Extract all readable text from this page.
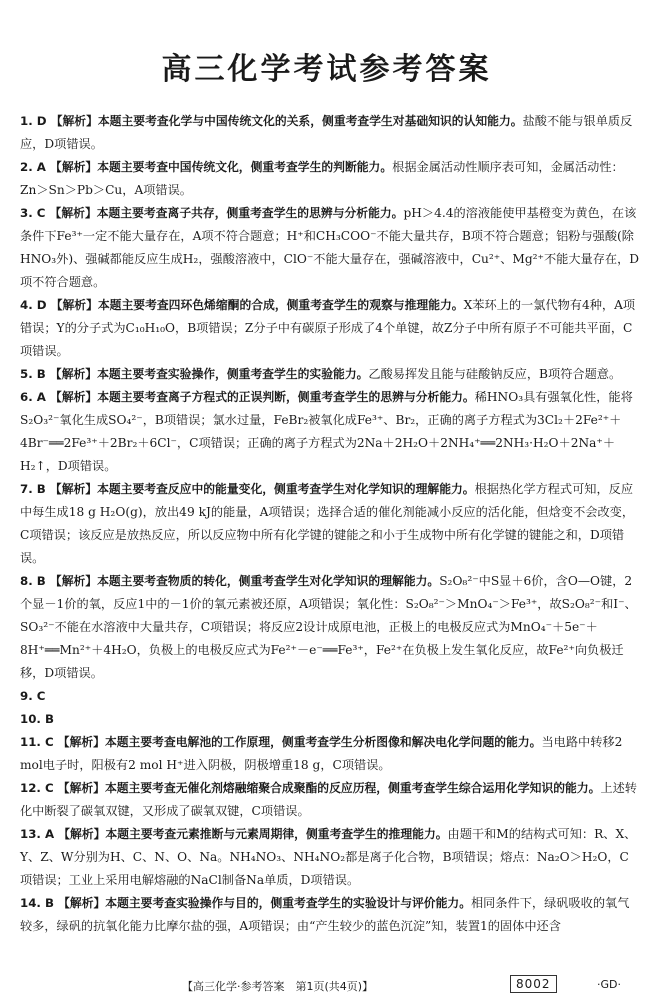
高三化学考试参考答案

1. D 【解析】本题主要考查化学与中国传统文化的关系，侧重考查学生对基础知识的认知能力。盐酸不能与银单质反应，D项错误。

2. A 【解析】本题主要考查中国传统文化，侧重考查学生的判断能力。根据金属活动性顺序表可知，金属活动性：Zn＞Sn＞Pb＞Cu，A项错误。

3. C 【解析】本题主要考查离子共存，侧重考查学生的思辨与分析能力。pH＞4.4的溶液能使甲基橙变为黄色，在该条件下Fe³⁺一定不能大量存在，A项不符合题意；H⁺和CH₃COO⁻不能大量共存，B项不符合题意；铝粉与强酸(除HNO₃外)、强碱都能反应生成H₂，强酸溶液中，ClO⁻不能大量存在，强碱溶液中，Cu²⁺、Mg²⁺不能大量存在，D项不符合题意。

4. D 【解析】本题主要考查四环色烯缩酮的合成，侧重考查学生的观察与推理能力。X苯环上的一氯代物有4种，A项错误；Y的分子式为C₁₀H₁₀O，B项错误；Z分子中有碳原子形成了4个单键，故Z分子中所有原子不可能共平面，C项错误。

5. B 【解析】本题主要考查实验操作，侧重考查学生的实验能力。乙酸易挥发且能与硅酸钠反应，B项符合题意。

6. A 【解析】本题主要考查离子方程式的正误判断，侧重考查学生的思辨与分析能力。稀HNO₃具有强氧化性，能将S₂O₃²⁻氧化生成SO₄²⁻，B项错误；氯水过量，FeBr₂被氧化成Fe³⁺、Br₂，正确的离子方程式为3Cl₂＋2Fe²⁺＋4Br⁻══2Fe³⁺＋2Br₂＋6Cl⁻，C项错误；正确的离子方程式为2Na＋2H₂O＋2NH₄⁺══2NH₃·H₂O＋2Na⁺＋H₂↑，D项错误。

7. B 【解析】本题主要考查反应中的能量变化，侧重考查学生对化学知识的理解能力。根据热化学方程式可知，反应中每生成18 g H₂O(g)，放出49 kJ的能量，A项错误；选择合适的催化剂能减小反应的活化能，但焓变不会改变，C项错误；该反应是放热反应，所以反应物中所有化学键的键能之和小于生成物中所有化学键的键能之和，D项错误。

8. B 【解析】本题主要考查物质的转化，侧重考查学生对化学知识的理解能力。S₂O₈²⁻中S显＋6价，含O—O键，2个显－1价的氧，反应1中的－1价的氧元素被还原，A项错误；氧化性：S₂O₈²⁻＞MnO₄⁻＞Fe³⁺，故S₂O₈²⁻和I⁻、SO₃²⁻不能在水溶液中大量共存，C项错误；将反应2设计成原电池，正极上的电极反应式为MnO₄⁻＋5e⁻＋8H⁺══Mn²⁺＋4H₂O，负极上的电极反应式为Fe²⁺－e⁻══Fe³⁺，Fe²⁺在负极上发生氧化反应，故Fe²⁺向负极迁移，D项错误。

9. C

10. B

11. C 【解析】本题主要考查电解池的工作原理，侧重考查学生分析图像和解决电化学问题的能力。当电路中转移2 mol电子时，阳极有2 mol H⁺进入阴极，阴极增重18 g，C项错误。

12. C 【解析】本题主要考查无催化剂熔融缩聚合成聚酯的反应历程，侧重考查学生综合运用化学知识的能力。上述转化中断裂了碳氧双键，又形成了碳氧双键，C项错误。

13. A 【解析】本题主要考查元素推断与元素周期律，侧重考查学生的推理能力。由题干和M的结构式可知：R、X、Y、Z、W分别为H、C、N、O、Na。NH₄NO₃、NH₄NO₂都是离子化合物，B项错误；熔点：Na₂O＞H₂O，C项错误；工业上采用电解熔融的NaCl制备Na单质，D项错误。

14. B 【解析】本题主要考查实验操作与目的，侧重考查学生的实验设计与评价能力。相同条件下，绿矾吸收的氧气较多，绿矾的抗氧化能力比摩尔盐的强，A项错误；由“产生较少的蓝色沉淀”知，装置1的固体中还含

【高三化学·参考答案　第1页(共4页)】	8002	·GD·
